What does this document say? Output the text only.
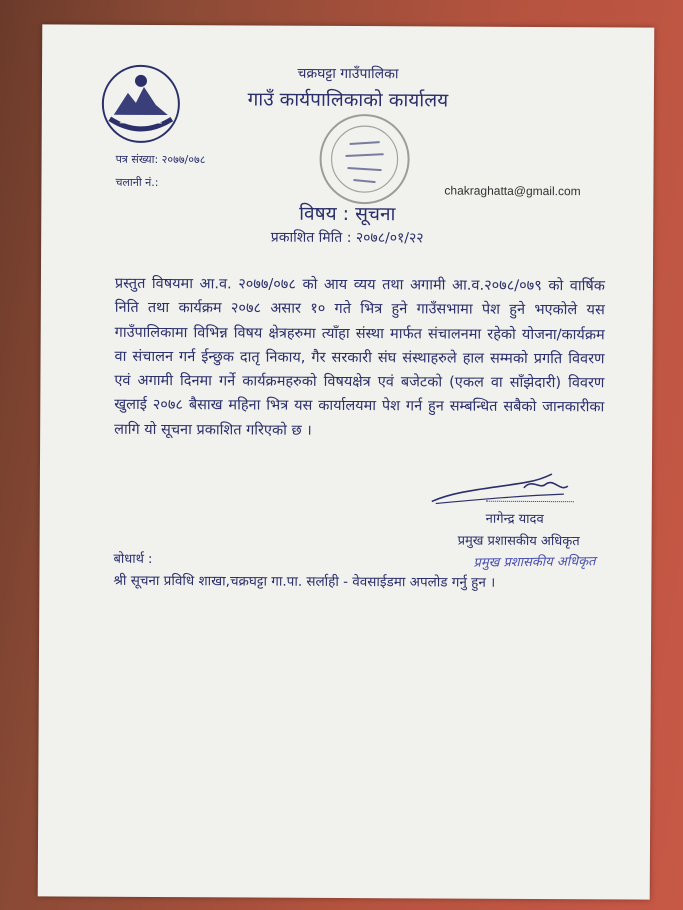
चक्रघट्टा गाउँपालिका
गाउँ कार्यपालिकाको कार्यालय
पत्र संख्या: २०७७/०७८
चलानी नं.:
chakraghatta@gmail.com
विषय : सूचना
प्रकाशित मिति : २०७८/०१/२२
प्रस्तुत विषयमा आ.व. २०७७/०७८ को आय व्यय तथा अगामी आ.व.२०७८/०७९ को वार्षिक निति तथा कार्यक्रम २०७८ असार १० गते भित्र हुने गाउँसभामा पेश हुने भएकोले यस गाउँपालिकामा विभिन्न विषय क्षेत्रहरुमा त्याँहा संस्था मार्फत संचालनमा रहेको योजना/कार्यक्रम वा संचालन गर्न ईन्छुक दातृ निकाय, गैर सरकारी संघ संस्थाहरुले हाल सम्मको प्रगति विवरण एवं अगामी दिनमा गर्ने कार्यक्रमहरुको विषयक्षेत्र एवं बजेटको (एकल वा साँझेदारी) विवरण खुलाई २०७८ बैसाख महिना भित्र यस कार्यालयमा पेश गर्न हुन सम्बन्धित सबैको जानकारीका लागि यो सूचना प्रकाशित गरिएको छ ।
नागेन्द्र यादव
प्रमुख प्रशासकीय अधिकृत
बोधार्थ :	प्रमुख प्रशासकीय अधिकृत
श्री सूचना प्रविधि शाखा,चक्रघट्टा गा.पा. सर्लाही - वेवसाईडमा अपलोड गर्नु हुन ।
